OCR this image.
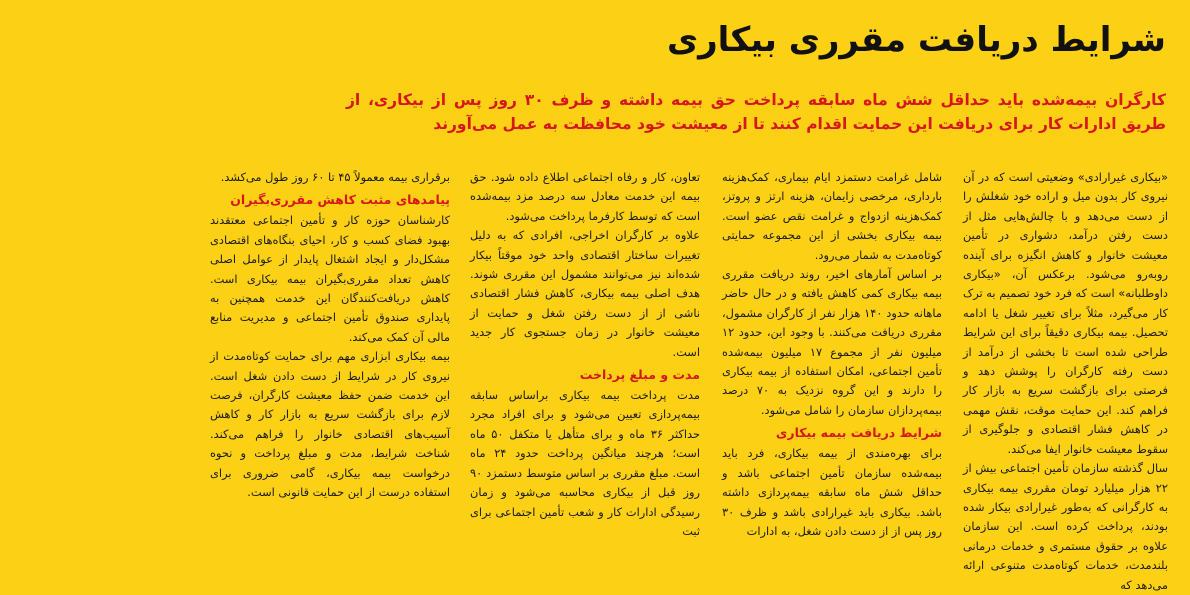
شرایط دریافت مقرری بیکاری

کارگران بیمه‌شده باید حداقل شش ماه سابقه پرداخت حق بیمه داشته و ظرف ۳۰ روز پس از بیکاری، از طریق ادارات کار برای دریافت این حمایت اقدام کنند تا از معیشت خود محافظت به عمل می‌آورند

«بیکاری غیرارادی» وضعیتی است که در آن نیروی کار بدون میل و اراده خود شغلش را از دست می‌دهد و با چالش‌هایی مثل از دست رفتن درآمد، دشواری در تأمین معیشت خانوار و کاهش انگیزه برای آینده روبه‌رو می‌شود. برعکس آن، «بیکاری داوطلبانه» است که فرد خود تصمیم به ترک کار می‌گیرد، مثلاً برای تغییر شغل یا ادامه تحصیل. بیمه بیکاری دقیقاً برای این شرایط طراحی شده است تا بخشی از درآمد از دست رفته کارگران را پوشش دهد و فرصتی برای بازگشت سریع به بازار کار فراهم کند. این حمایت موقت، نقش مهمی در کاهش فشار اقتصادی و جلوگیری از سقوط معیشت خانوار ایفا می‌کند.

سال گذشته سازمان تأمین اجتماعی بیش از ۲۲ هزار میلیارد تومان مقرری بیمه بیکاری به کارگرانی که به‌طور غیرارادی بیکار شده بودند، پرداخت کرده است. این سازمان علاوه بر حقوق مستمری و خدمات درمانی بلندمدت، خدمات کوتاه‌مدت متنوعی ارائه می‌دهد که

شامل غرامت دستمزد ایام بیماری، کمک‌هزینه بارداری، مرخصی زایمان، هزینه ارتز و پروتز، کمک‌هزینه ازدواج و غرامت نقص عضو است. بیمه بیکاری بخشی از این مجموعه حمایتی کوتاه‌مدت به شمار می‌رود.

بر اساس آمارهای اخیر، روند دریافت مقرری بیمه بیکاری کمی کاهش یافته و در حال حاضر ماهانه حدود ۱۴۰ هزار نفر از کارگران مشمول، مقرری دریافت می‌کنند. با وجود این، حدود ۱۲ میلیون نفر از مجموع ۱۷ میلیون بیمه‌شده تأمین اجتماعی، امکان استفاده از بیمه بیکاری را دارند و این گروه نزدیک به ۷۰ درصد بیمه‌پردازان سازمان را شامل می‌شود.

شرایط دریافت بیمه بیکاری

برای بهره‌مندی از بیمه بیکاری، فرد باید بیمه‌شده سازمان تأمین اجتماعی باشد و حداقل شش ماه سابقه بیمه‌پردازی داشته باشد. بیکاری باید غیرارادی باشد و ظرف ۳۰ روز پس از از دست دادن شغل، به ادارات

تعاون، کار و رفاه اجتماعی اطلاع داده شود. حق بیمه این خدمت معادل سه درصد مزد بیمه‌شده است که توسط کارفرما پرداخت می‌شود.

علاوه بر کارگران اخراجی، افرادی که به دلیل تغییرات ساختار اقتصادی واحد خود موقتاً بیکار شده‌اند نیز می‌توانند مشمول این مقرری شوند. هدف اصلی بیمه بیکاری، کاهش فشار اقتصادی ناشی از از دست رفتن شغل و حمایت از معیشت خانوار در زمان جستجوی کار جدید است.

مدت و مبلغ پرداخت

مدت پرداخت بیمه بیکاری براساس سابقه بیمه‌پردازی تعیین می‌شود و برای افراد مجرد حداکثر ۳۶ ماه و برای متأهل یا متکفل ۵۰ ماه است؛ هرچند میانگین پرداخت حدود ۲۴ ماه است. مبلغ مقرری بر اساس متوسط دستمزد ۹۰ روز قبل از بیکاری محاسبه می‌شود و زمان رسیدگی ادارات کار و شعب تأمین اجتماعی برای ثبت

برقراری بیمه معمولاً ۴۵ تا ۶۰ روز طول می‌کشد.

پیامدهای مثبت کاهش مقرری‌بگیران

کارشناسان حوزه کار و تأمین اجتماعی معتقدند بهبود فضای کسب و کار، احیای بنگاه‌های اقتصادی مشکل‌دار و ایجاد اشتغال پایدار از عوامل اصلی کاهش تعداد مقرری‌بگیران بیمه بیکاری است. کاهش دریافت‌کنندگان این خدمت همچنین به پایداری صندوق تأمین اجتماعی و مدیریت منابع مالی آن کمک می‌کند.

بیمه بیکاری ابزاری مهم برای حمایت کوتاه‌مدت از نیروی کار در شرایط از دست دادن شغل است. این خدمت ضمن حفظ معیشت کارگران، فرصت لازم برای بازگشت سریع به بازار کار و کاهش آسیب‌های اقتصادی خانوار را فراهم می‌کند. شناخت شرایط، مدت و مبلغ پرداخت و نحوه درخواست بیمه بیکاری، گامی ضروری برای استفاده درست از این حمایت قانونی است.
